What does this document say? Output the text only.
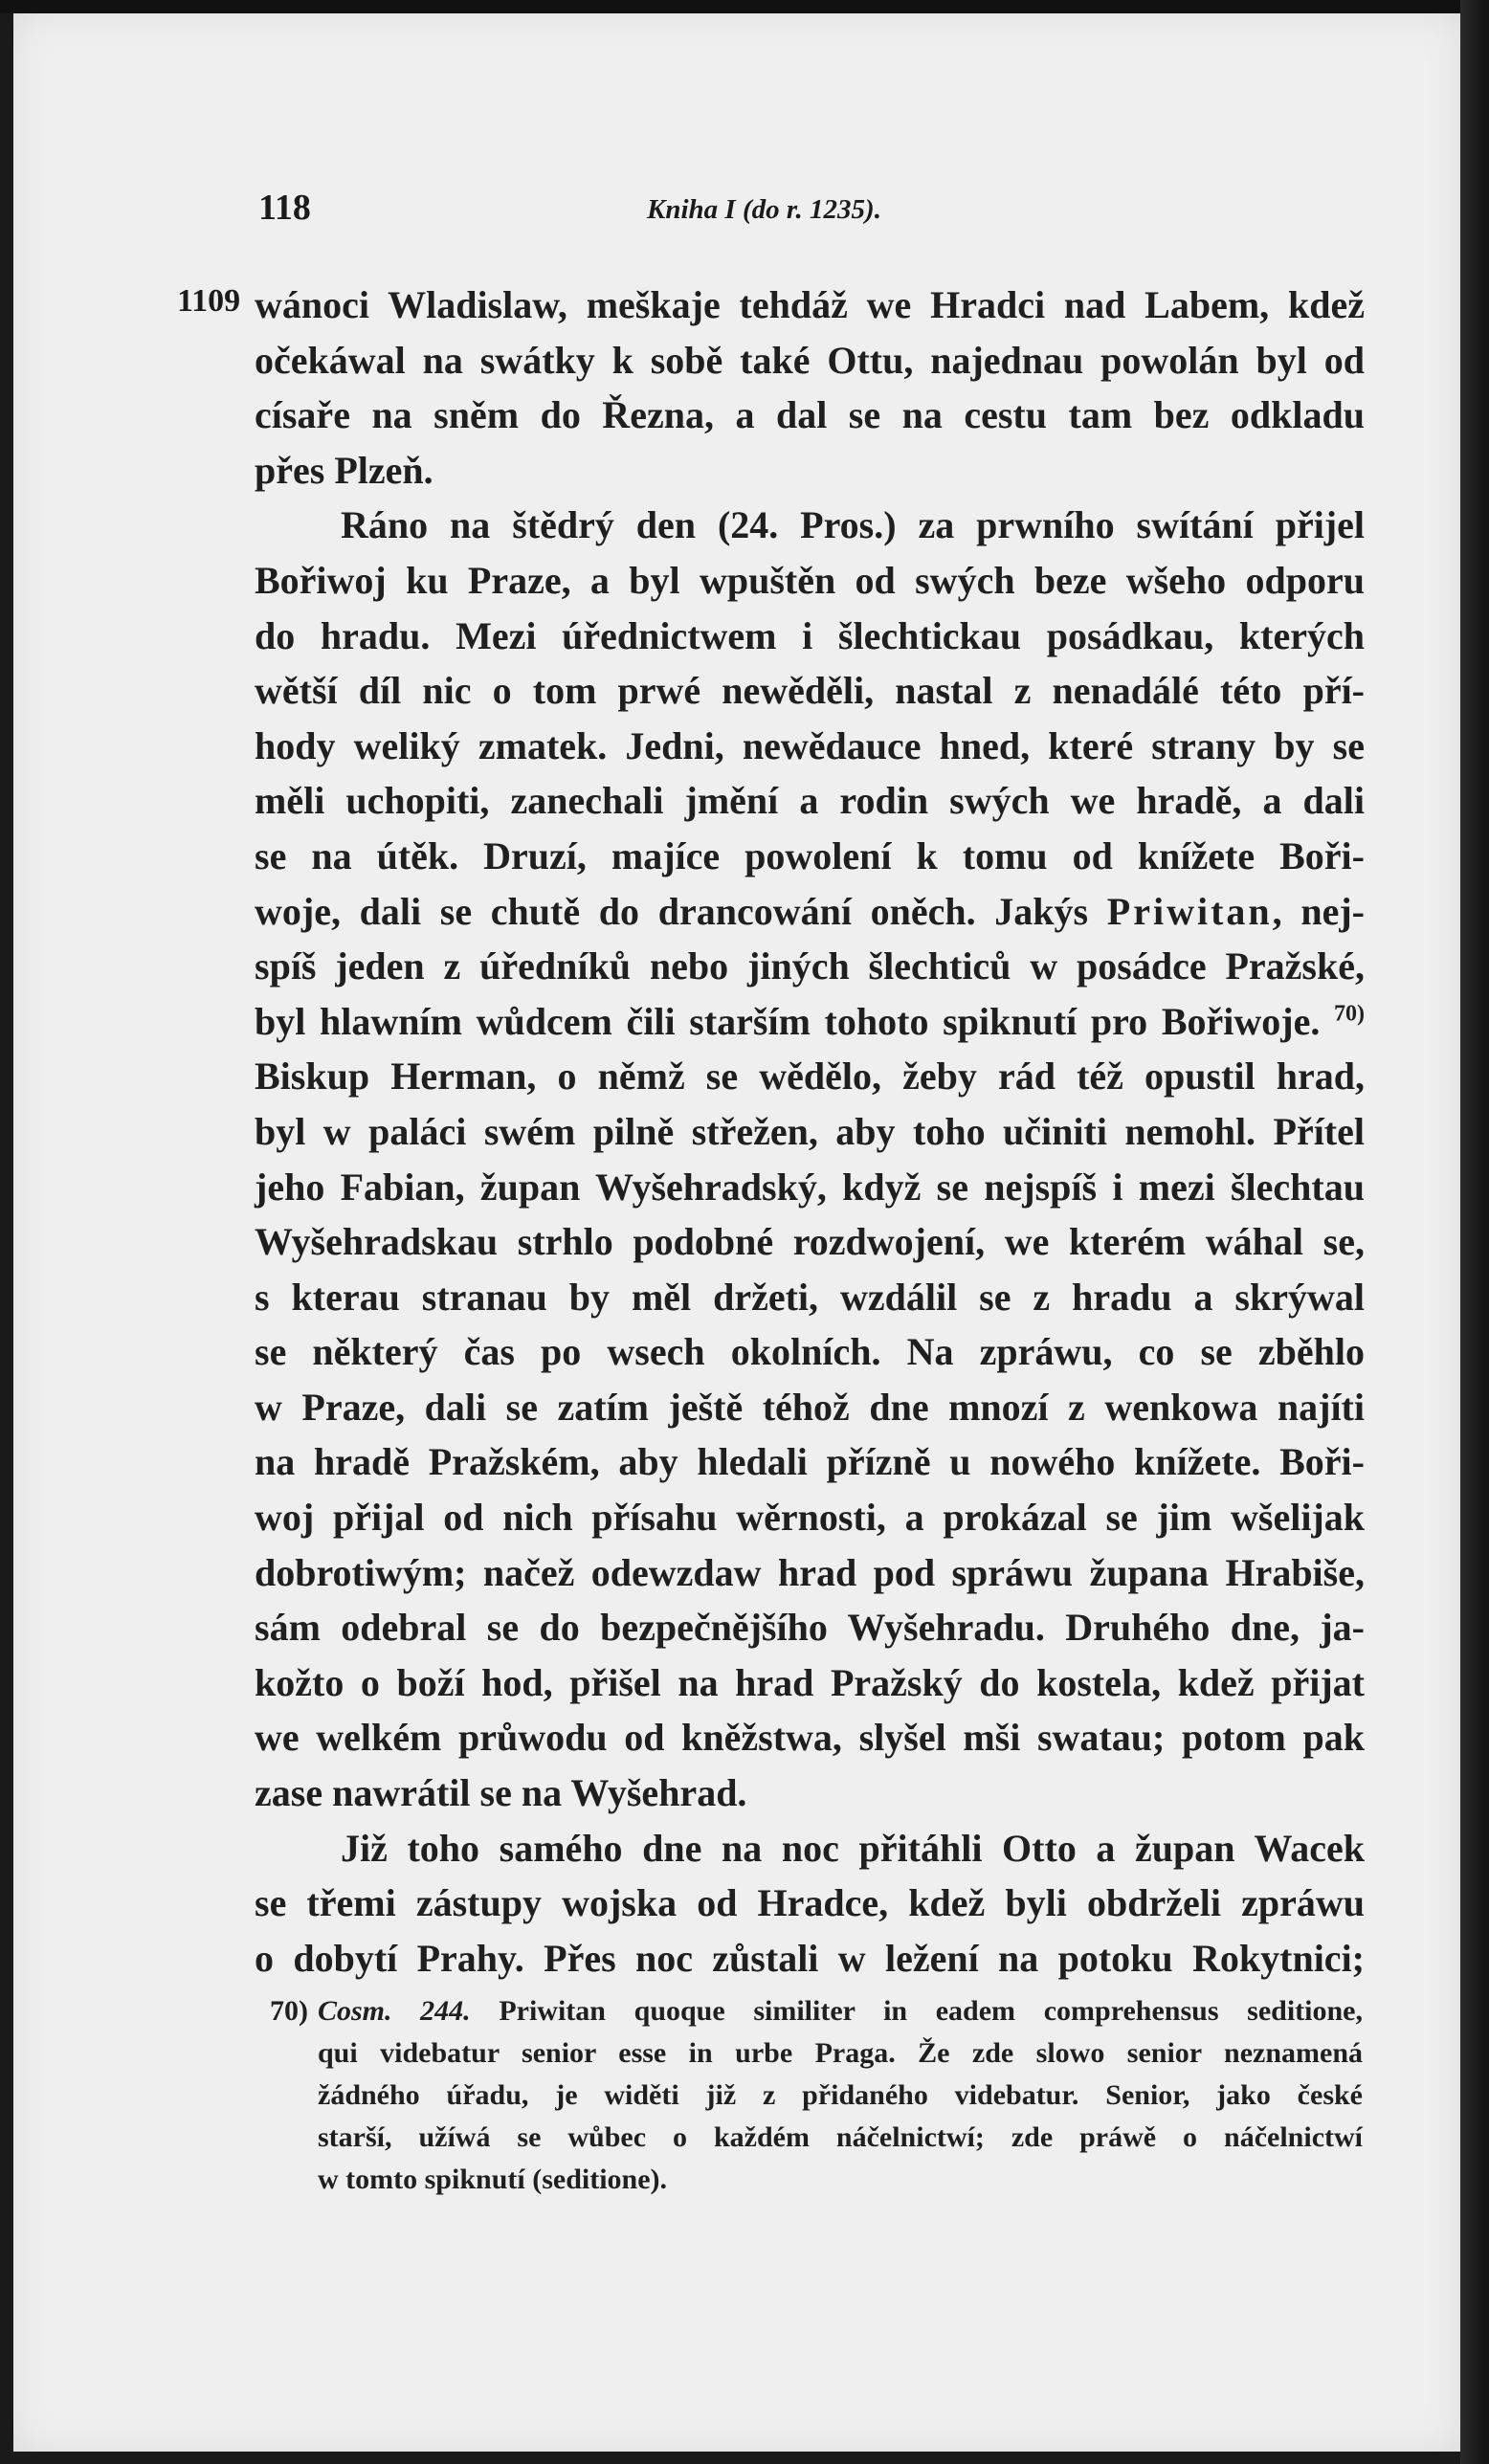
118	Kniha I (do r. 1235).
1109 wánoci Wladislaw, meškaje tehdáž we Hradci nad Labem, kdež
očekáwal na swátky k sobě také Ottu, najednau powolán byl od
císaře na sněm do Řezna, a dal se na cestu tam bez odkladu
přes Plzeň.
Ráno na štědrý den (24. Pros.) za prwního swítání přijel
Bořiwoj ku Praze, a byl wpuštěn od swých beze wšeho odporu
do hradu. Mezi úřednictwem i šlechtickau posádkau, kterých
wětší díl nic o tom prwé newěděli, nastal z nenadálé této pří-
hody weliký zmatek. Jedni, newědauce hned, které strany by se
měli uchopiti, zanechali jmění a rodin swých we hradě, a dali
se na útěk. Druzí, majíce powolení k tomu od knížete Boři-
woje, dali se chutě do drancowání oněch. Jakýs Priwitan, nej-
spíš jeden z úředníků nebo jiných šlechticů w posádce Pražské,
byl hlawním wůdcem čili starším tohoto spiknutí pro Bořiwoje. $^{70)}$
Biskup Herman, o němž se wědělo, žeby rád též opustil hrad,
byl w paláci swém pilně střežen, aby toho učiniti nemohl. Přítel
jeho Fabian, župan Wyšehradský, když se nejspíš i mezi šlechtau
Wyšehradskau strhlo podobné rozdwojení, we kterém wáhal se,
s kterau stranau by měl držeti, wzdálil se z hradu a skrýwal
se některý čas po wsech okolních. Na zpráwu, co se zběhlo
w Praze, dali se zatím ještě téhož dne mnozí z wenkowa najíti
na hradě Pražském, aby hledali přízně u nowého knížete. Boři-
woj přijal od nich přísahu wěrnosti, a prokázal se jim wšelijak
dobrotiwým; načež odewzdaw hrad pod spráwu župana Hrabiše,
sám odebral se do bezpečnějšího Wyšehradu. Druhého dne, ja-
kožto o boží hod, přišel na hrad Pražský do kostela, kdež přijat
we welkém průwodu od kněžstwa, slyšel mši swatau; potom pak
zase nawrátil se na Wyšehrad.
Již toho samého dne na noc přitáhli Otto a župan Wacek
se třemi zástupy wojska od Hradce, kdež byli obdrželi zpráwu
o dobytí Prahy. Přes noc zůstali w ležení na potoku Rokytnici;
70) Cosm. 244. Priwitan quoque similiter in eadem comprehensus seditione,
qui videbatur senior esse in urbe Praga. Že zde slowo senior neznamená
žádného úřadu, je widěti již z přidaného videbatur. Senior, jako české
starší, užíwá se wůbec o každém náčelnictwí; zde práwě o náčelnictwí
w tomto spiknutí (seditione).
